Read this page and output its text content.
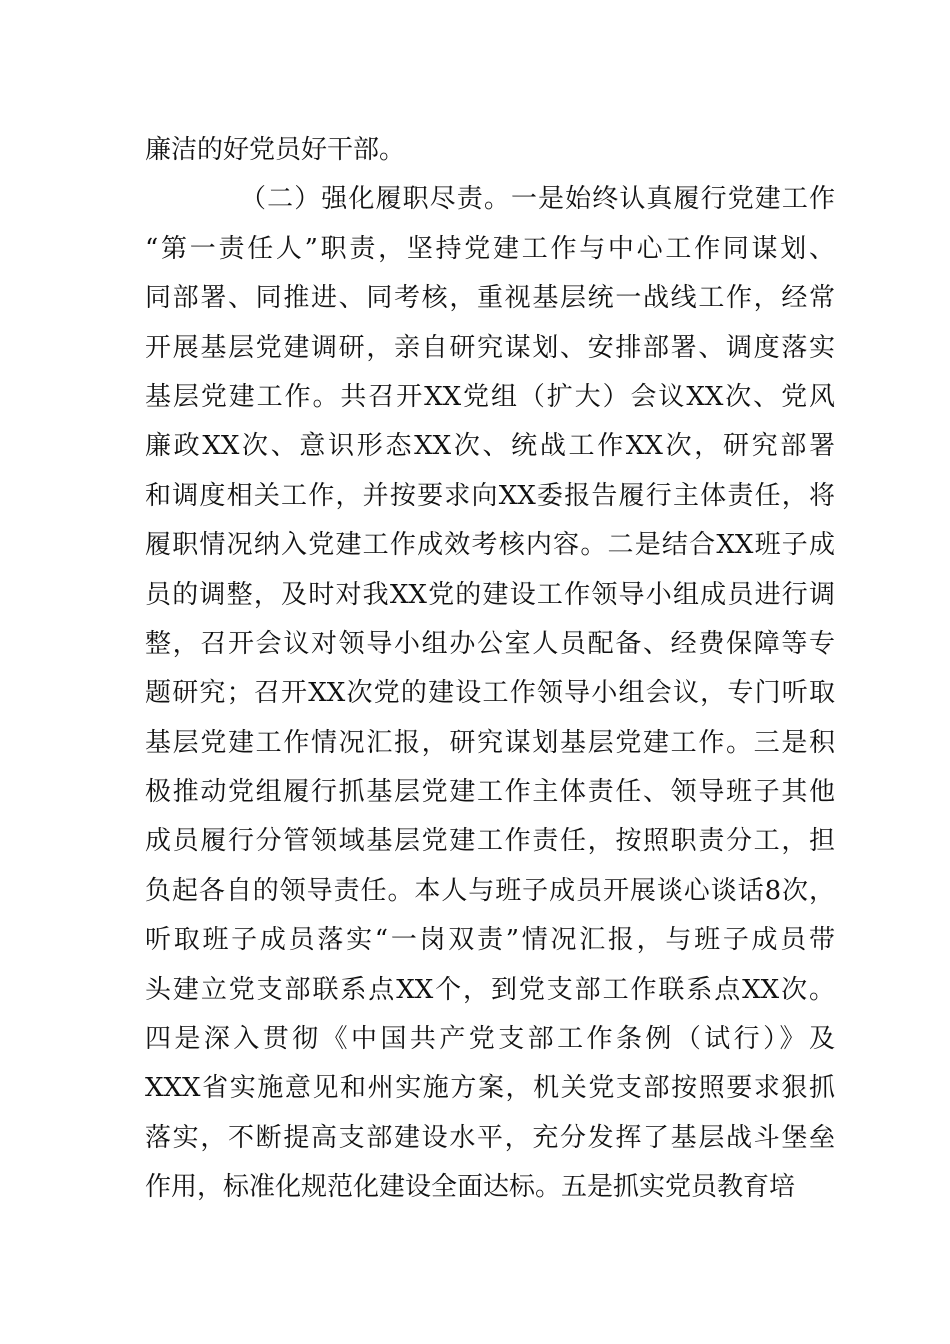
廉洁的好党员好干部。
（二）强化履职尽责。一是始终认真履行党建工作
“第一责任人”职责，坚持党建工作与中心工作同谋划、
同部署、同推进、同考核，重视基层统一战线工作，经常
开展基层党建调研，亲自研究谋划、安排部署、调度落实
基层党建工作。共召开XX党组（扩大）会议XX次、党风
廉政XX次、意识形态XX次、统战工作XX次，研究部署
和调度相关工作，并按要求向XX委报告履行主体责任，将
履职情况纳入党建工作成效考核内容。二是结合XX班子成
员的调整，及时对我XX党的建设工作领导小组成员进行调
整，召开会议对领导小组办公室人员配备、经费保障等专
题研究；召开XX次党的建设工作领导小组会议，专门听取
基层党建工作情况汇报，研究谋划基层党建工作。三是积
极推动党组履行抓基层党建工作主体责任、领导班子其他
成员履行分管领域基层党建工作责任，按照职责分工，担
负起各自的领导责任。本人与班子成员开展谈心谈话8次，
听取班子成员落实“一岗双责”情况汇报，与班子成员带
头建立党支部联系点XX个，到党支部工作联系点XX次。
四是深入贯彻《中国共产党支部工作条例（试行）》及
XXX省实施意见和州实施方案，机关党支部按照要求狠抓
落实，不断提高支部建设水平，充分发挥了基层战斗堡垒
作用，标准化规范化建设全面达标。五是抓实党员教育培
